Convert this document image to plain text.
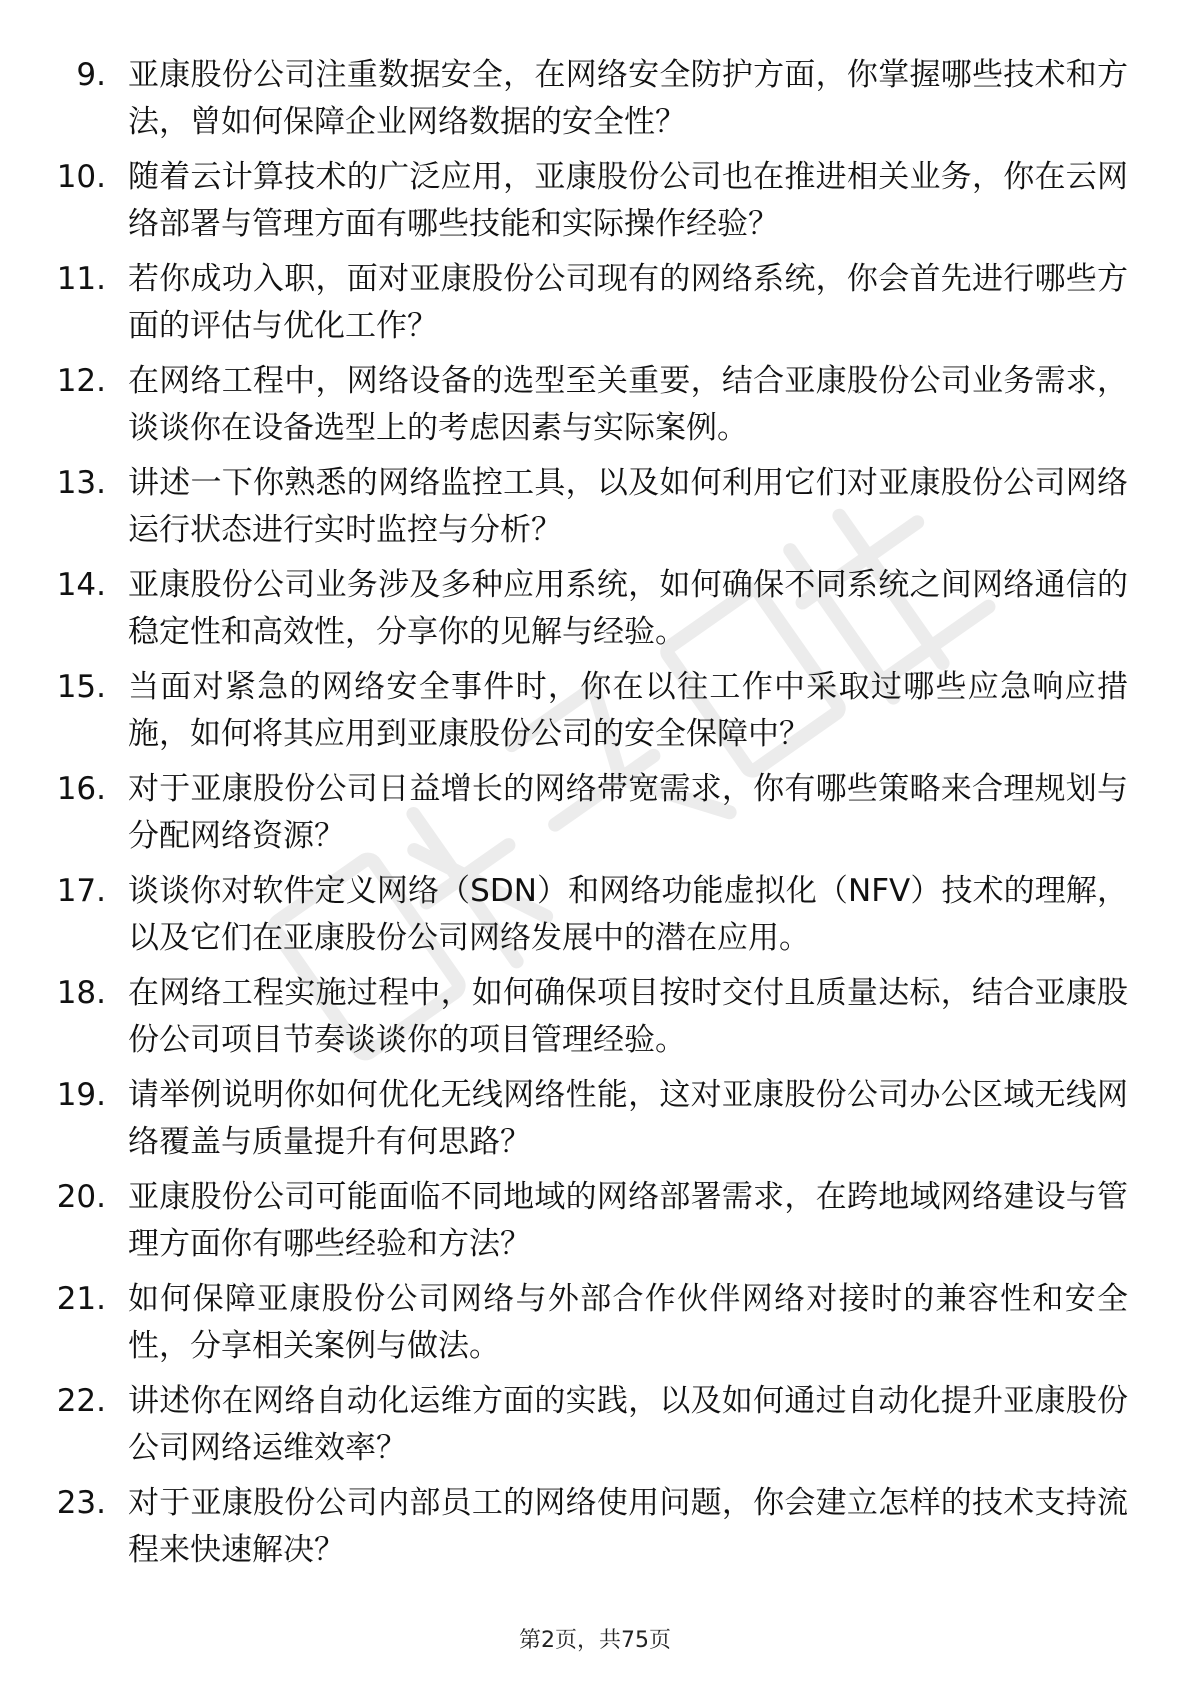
9. 亚康股份公司注重数据安全，在网络安全防护方面，你掌握哪些技术和方法，曾如何保障企业网络数据的安全性？
10. 随着云计算技术的广泛应用，亚康股份公司也在推进相关业务，你在云网络部署与管理方面有哪些技能和实际操作经验？
11. 若你成功入职，面对亚康股份公司现有的网络系统，你会首先进行哪些方面的评估与优化工作？
12. 在网络工程中，网络设备的选型至关重要，结合亚康股份公司业务需求，谈谈你在设备选型上的考虑因素与实际案例。
13. 讲述一下你熟悉的网络监控工具，以及如何利用它们对亚康股份公司网络运行状态进行实时监控与分析？
14. 亚康股份公司业务涉及多种应用系统，如何确保不同系统之间网络通信的稳定性和高效性，分享你的见解与经验。
15. 当面对紧急的网络安全事件时，你在以往工作中采取过哪些应急响应措施，如何将其应用到亚康股份公司的安全保障中？
16. 对于亚康股份公司日益增长的网络带宽需求，你有哪些策略来合理规划与分配网络资源？
17. 谈谈你对软件定义网络（SDN）和网络功能虚拟化（NFV）技术的理解，以及它们在亚康股份公司网络发展中的潜在应用。
18. 在网络工程实施过程中，如何确保项目按时交付且质量达标，结合亚康股份公司项目节奏谈谈你的项目管理经验。
19. 请举例说明你如何优化无线网络性能，这对亚康股份公司办公区域无线网络覆盖与质量提升有何思路？
20. 亚康股份公司可能面临不同地域的网络部署需求，在跨地域网络建设与管理方面你有哪些经验和方法？
21. 如何保障亚康股份公司网络与外部合作伙伴网络对接时的兼容性和安全性，分享相关案例与做法。
22. 讲述你在网络自动化运维方面的实践，以及如何通过自动化提升亚康股份公司网络运维效率？
23. 对于亚康股份公司内部员工的网络使用问题，你会建立怎样的技术支持流程来快速解决？
第2页，共75页
